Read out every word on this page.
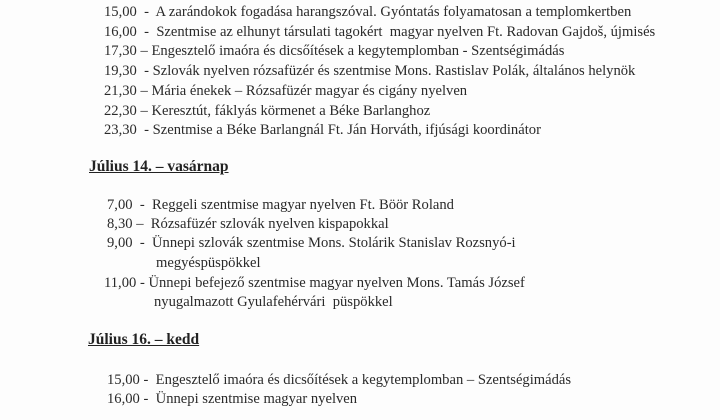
15,00  -  A zarándokok fogadása harangszóval. Gyóntatás folyamatosan a templomkertben
16,00  -  Szentmise az elhunyt társulati tagokért  magyar nyelven Ft. Radovan Gajdoš, újmisés
17,30 – Engesztelő imaóra és dicsőítések a kegytemplomban - Szentségimádás
19,30  - Szlovák nyelven rózsafüzér és szentmise Mons. Rastislav Polák, általános helynök
21,30 – Mária énekek – Rózsafüzér magyar és cigány nyelven
22,30 – Keresztút, fáklyás körmenet a Béke Barlanghoz
23,30  - Szentmise a Béke Barlangnál Ft. Ján Horváth, ifjúsági koordinátor
Július 14. – vasárnap
7,00  -  Reggeli szentmise magyar nyelven Ft. Böör Roland
8,30 –  Rózsafüzér szlovák nyelven kispapokkal
9,00  -  Ünnepi szlovák szentmise Mons. Stolárik Stanislav Rozsnyó-i
megyéspüspökkel
11,00 - Ünnepi befejező szentmise magyar nyelven Mons. Tamás József
nyugalmazott Gyulafehérvári  püspökkel
Július 16. – kedd
15,00 -  Engesztelő imaóra és dicsőítések a kegytemplomban – Szentségimádás
16,00 -  Ünnepi szentmise magyar nyelven
